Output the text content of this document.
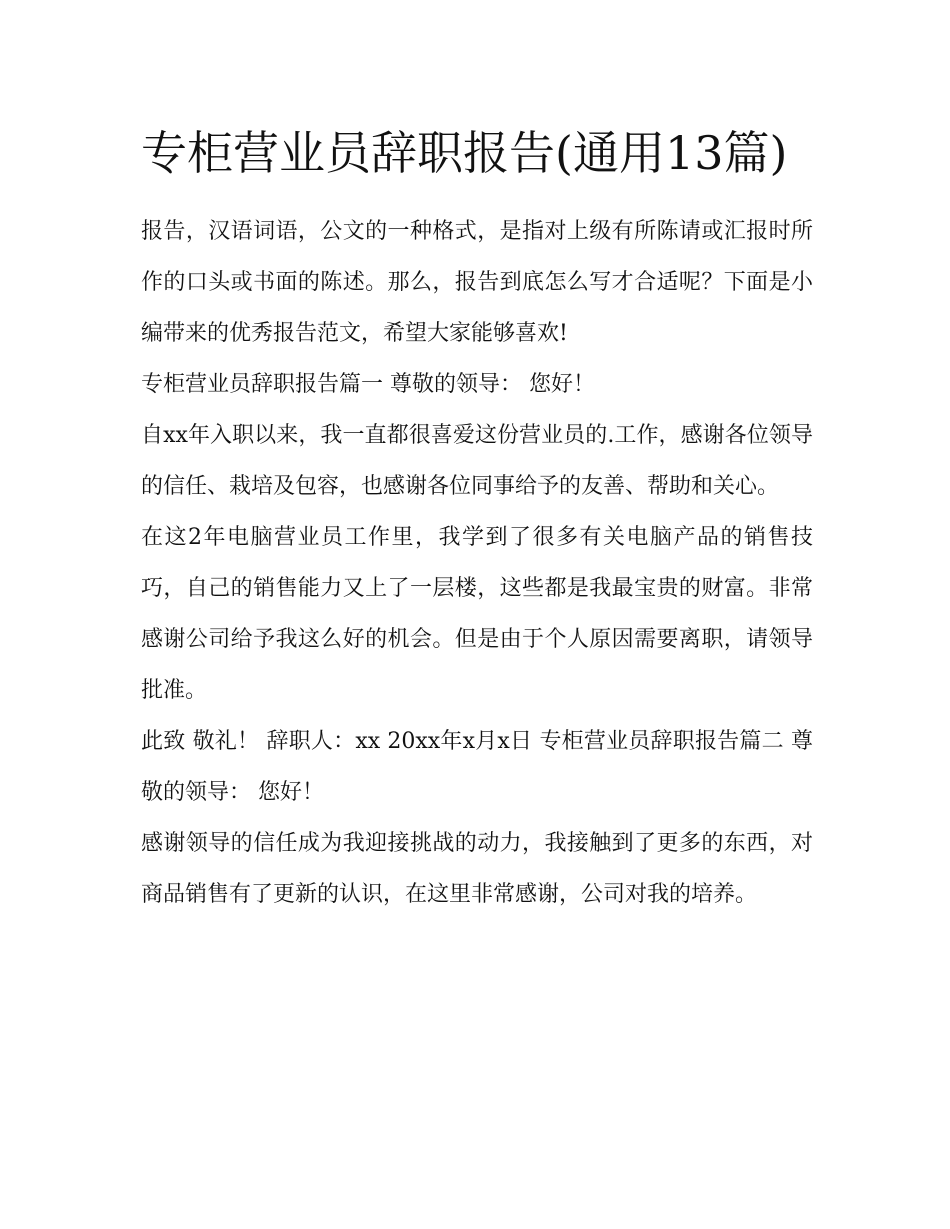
专柜营业员辞职报告(通用13篇)

报告，汉语词语，公文的一种格式，是指对上级有所陈请或汇报时所作的口头或书面的陈述。那么，报告到底怎么写才合适呢？下面是小编带来的优秀报告范文，希望大家能够喜欢!

专柜营业员辞职报告篇一 尊敬的领导： 您好！

自xx年入职以来，我一直都很喜爱这份营业员的.工作，感谢各位领导的信任、栽培及包容，也感谢各位同事给予的友善、帮助和关心。

在这2年电脑营业员工作里，我学到了很多有关电脑产品的销售技巧，自己的销售能力又上了一层楼，这些都是我最宝贵的财富。非常感谢公司给予我这么好的机会。但是由于个人原因需要离职，请领导批准。

此致 敬礼！ 辞职人：xx 20xx年x月x日 专柜营业员辞职报告篇二 尊敬的领导： 您好！

感谢领导的信任成为我迎接挑战的动力，我接触到了更多的东西，对商品销售有了更新的认识，在这里非常感谢，公司对我的培养。
